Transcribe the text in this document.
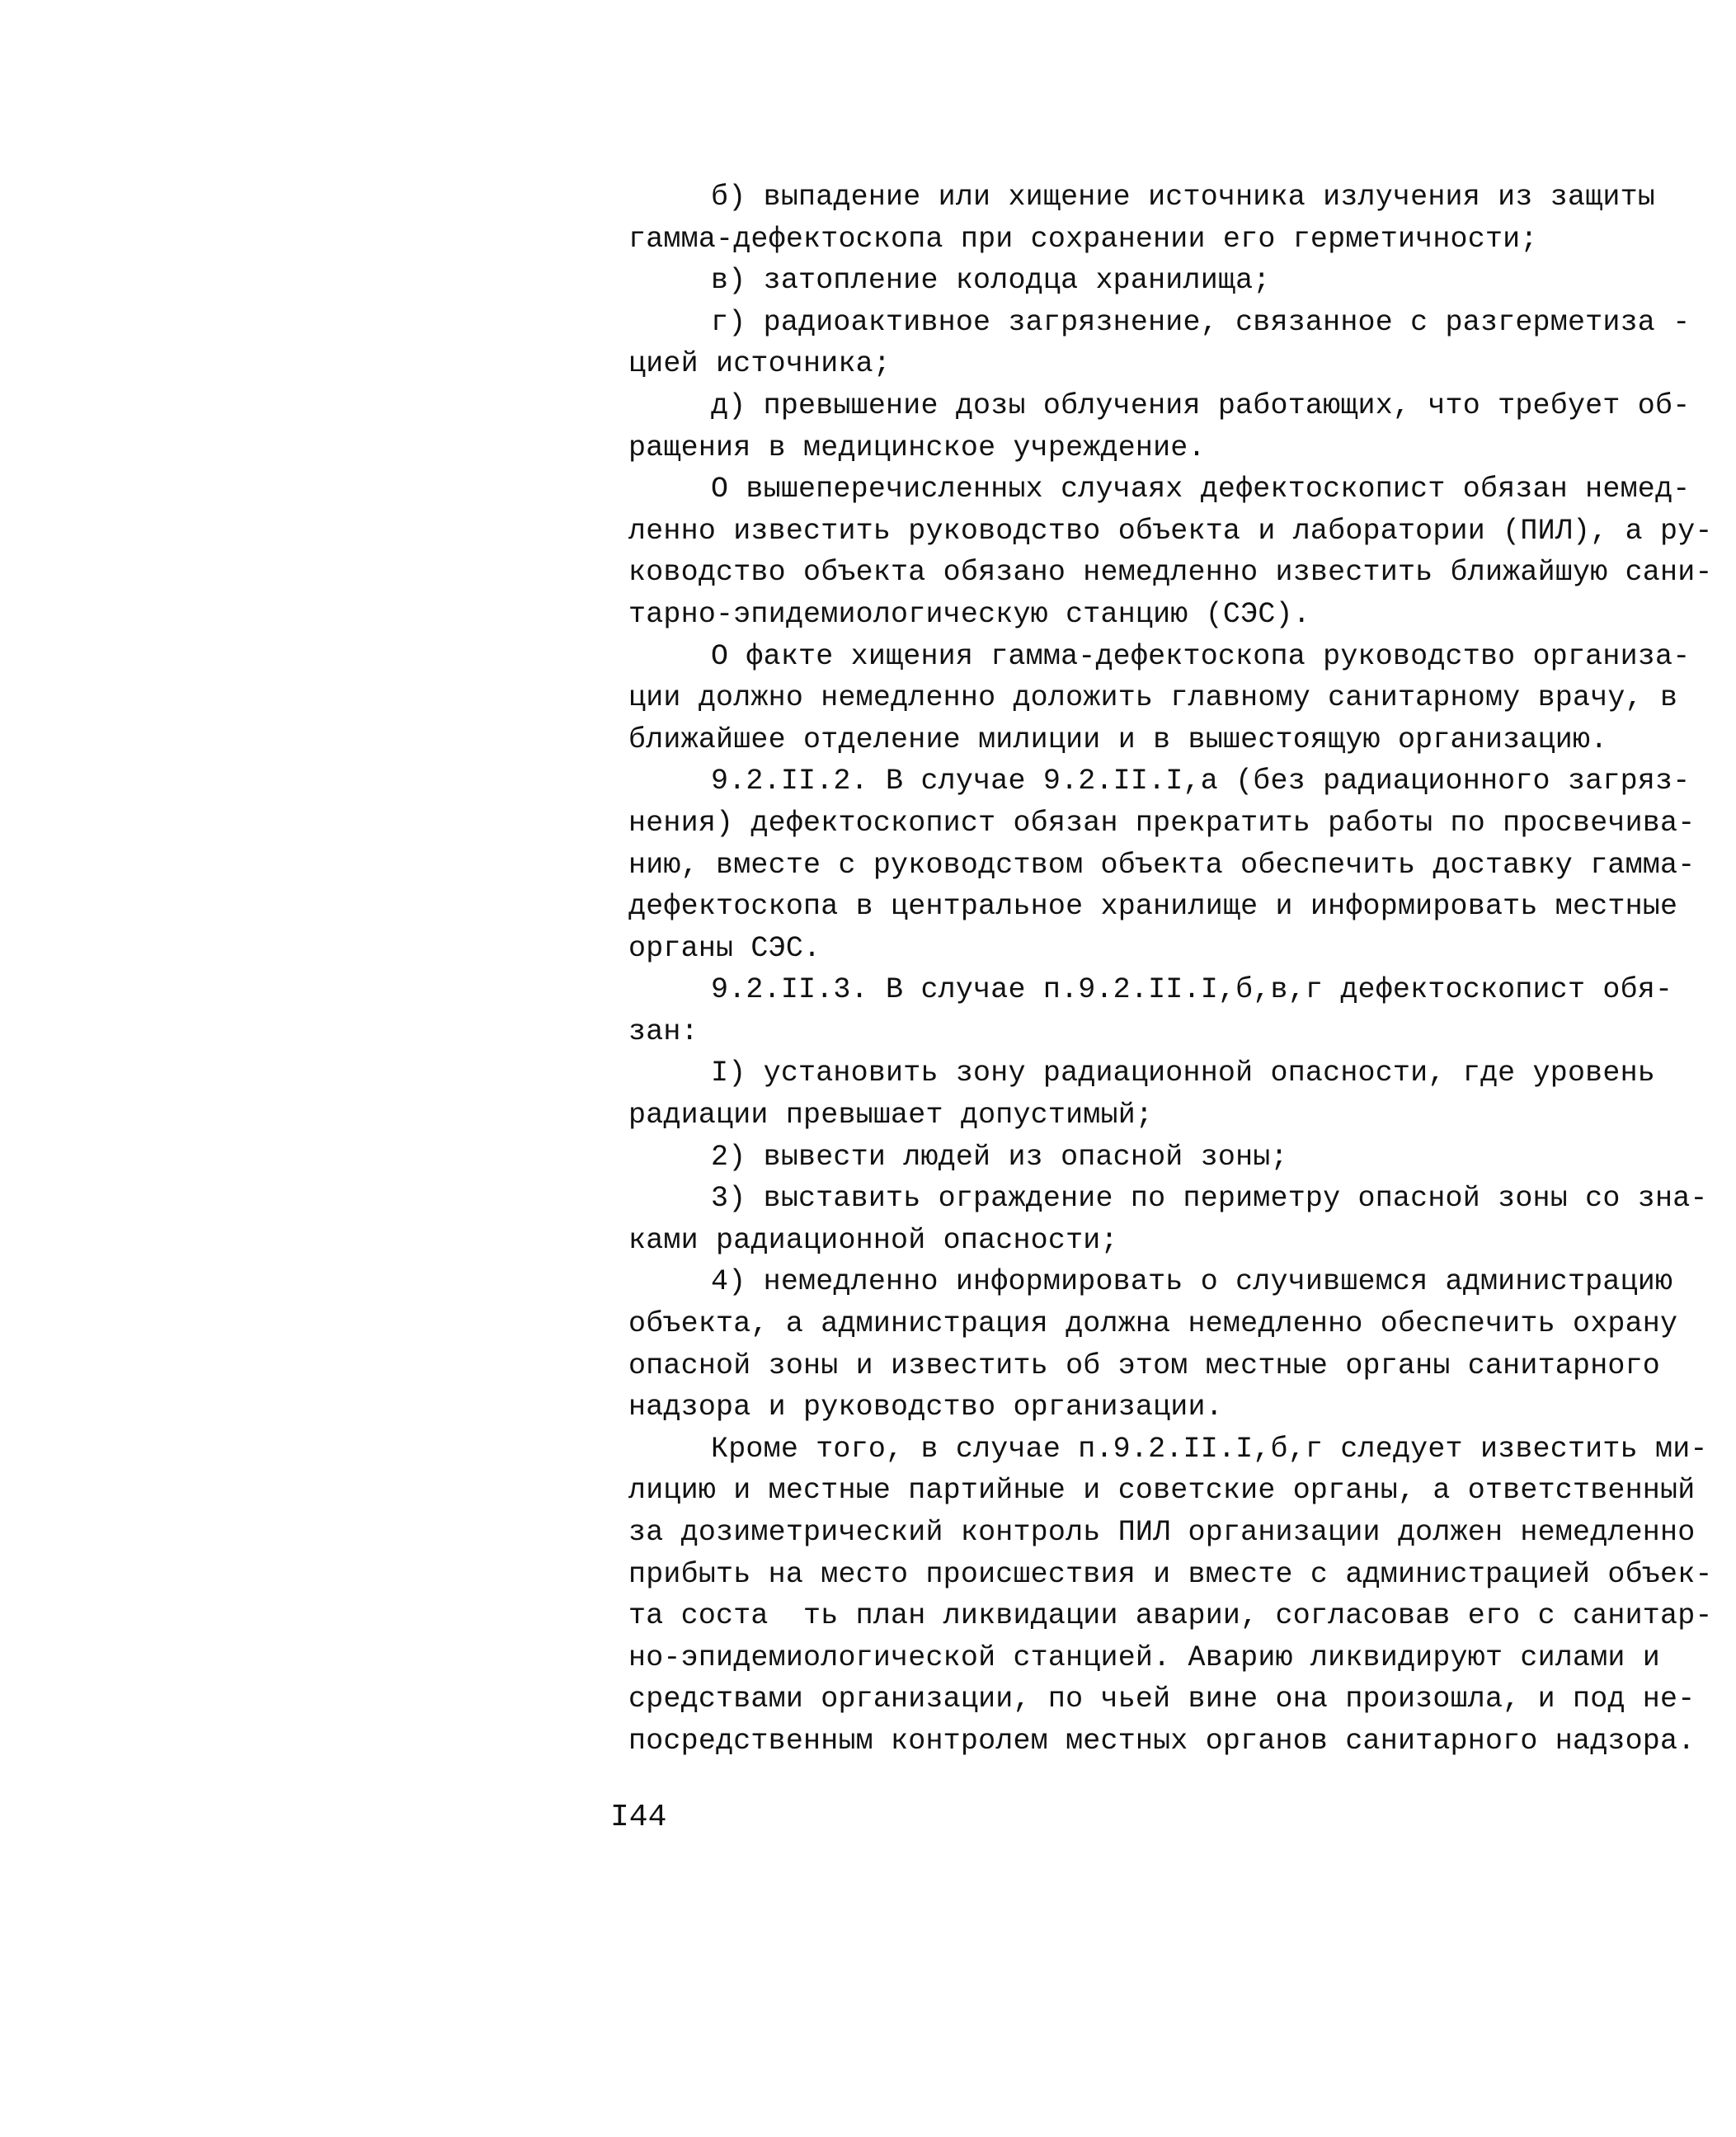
б) выпадение или хищение источника излучения из защиты
гамма-дефектоскопа при сохранении его герметичности;
в) затопление колодца хранилища;
г) радиоактивное загрязнение, связанное с разгерметиза -
цией источника;
д) превышение дозы облучения работающих, что требует об-
ращения в медицинское учреждение.
О вышеперечисленных случаях дефектоскопист обязан немед-
ленно известить руководство объекта и лаборатории (ПИЛ), а ру-
ководство объекта обязано немедленно известить ближайшую сани-
тарно-эпидемиологическую станцию (СЭС).
О факте хищения гамма-дефектоскопа руководство организа-
ции должно немедленно доложить главному санитарному врачу, в
ближайшее отделение милиции и в вышестоящую организацию.
9.2.II.2. В случае 9.2.II.I,а (без радиационного загряз-
нения) дефектоскопист обязан прекратить работы по просвечива-
нию, вместе с руководством объекта обеспечить доставку гамма-
дефектоскопа в центральное хранилище и информировать местные
органы СЭС.
9.2.II.3. В случае п.9.2.II.I,б,в,г дефектоскопист обя-
зан:
I) установить зону радиационной опасности, где уровень
радиации превышает допустимый;
2) вывести людей из опасной зоны;
3) выставить ограждение по периметру опасной зоны со зна-
ками радиационной опасности;
4) немедленно информировать о случившемся администрацию
объекта, а администрация должна немедленно обеспечить охрану
опасной зоны и известить об этом местные органы санитарного
надзора и руководство организации.
Кроме того, в случае п.9.2.II.I,б,г следует известить ми-
лицию и местные партийные и советские органы, а ответственный
за дозиметрический контроль ПИЛ организации должен немедленно
прибыть на место происшествия и вместе с администрацией объек-
та соста  ть план ликвидации аварии, согласовав его с санитар-
но-эпидемиологической станцией. Аварию ликвидируют силами и
средствами организации, по чьей вине она произошла, и под не-
посредственным контролем местных органов санитарного надзора.
I44
